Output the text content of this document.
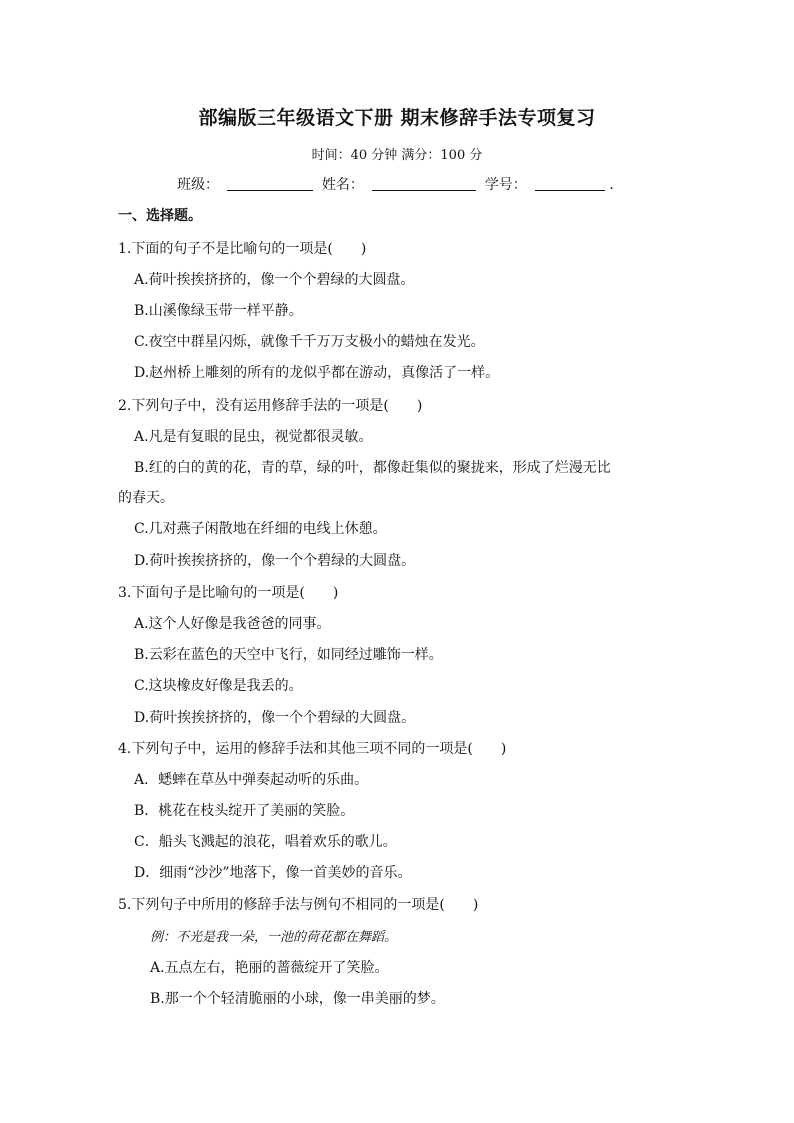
部编版三年级语文下册 期末修辞手法专项复习
时间：40 分钟 满分：100 分
班级：	姓名：	学号：	.
一、选择题。
1.下面的句子不是比喻句的一项是(　　)
A.荷叶挨挨挤挤的，像一个个碧绿的大圆盘。
B.山溪像绿玉带一样平静。
C.夜空中群星闪烁，就像千千万万支极小的蜡烛在发光。
D.赵州桥上雕刻的所有的龙似乎都在游动，真像活了一样。
2.下列句子中，没有运用修辞手法的一项是(　　)
A.凡是有复眼的昆虫，视觉都很灵敏。
B.红的白的黄的花，青的草，绿的叶，都像赶集似的聚拢来，形成了烂漫无比
的春天。
C.几对燕子闲散地在纤细的电线上休憩。
D.荷叶挨挨挤挤的，像一个个碧绿的大圆盘。
3.下面句子是比喻句的一项是(　　)
A.这个人好像是我爸爸的同事。
B.云彩在蓝色的天空中飞行，如同经过雕饰一样。
C.这块橡皮好像是我丢的。
D.荷叶挨挨挤挤的，像一个个碧绿的大圆盘。
4.下列句子中，运用的修辞手法和其他三项不同的一项是(　　)
A．蟋蟀在草丛中弹奏起动听的乐曲。
B．桃花在枝头绽开了美丽的笑脸。
C．船头飞溅起的浪花，唱着欢乐的歌儿。
D．细雨“沙沙”地落下，像一首美妙的音乐。
5.下列句子中所用的修辞手法与例句不相同的一项是(　　)
例：不光是我一朵，一池的荷花都在舞蹈。
A.五点左右，艳丽的蔷薇绽开了笑脸。
B.那一个个轻清脆丽的小球，像一串美丽的梦。
